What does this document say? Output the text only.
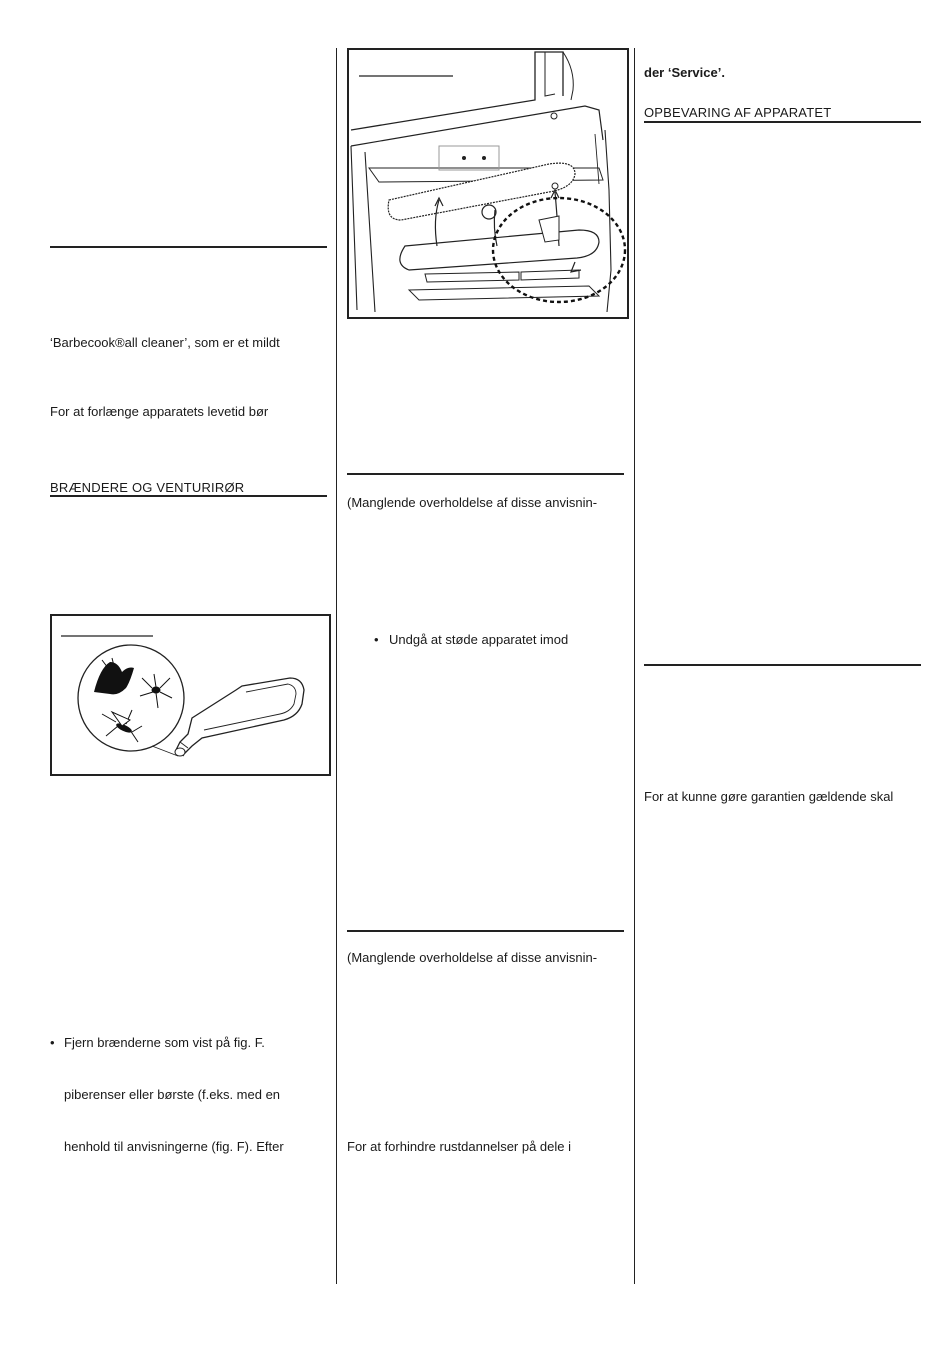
‘Barbecook®all cleaner’, som er et mildt
For at forlænge apparatets levetid bør
BRÆNDERE OG VENTURIRØR
• Fjern brænderne som vist på fig. F.
piberenser eller børste (f.eks. med en
henhold til anvisningerne (fig. F). Efter
(Manglende overholdelse af disse anvisnin-
• Undgå at støde apparatet imod
(Manglende overholdelse af disse anvisnin-
For at forhindre rustdannelser på dele i
der ‘Service’.
OPBEVARING AF APPARATET
For at kunne gøre garantien gældende skal
